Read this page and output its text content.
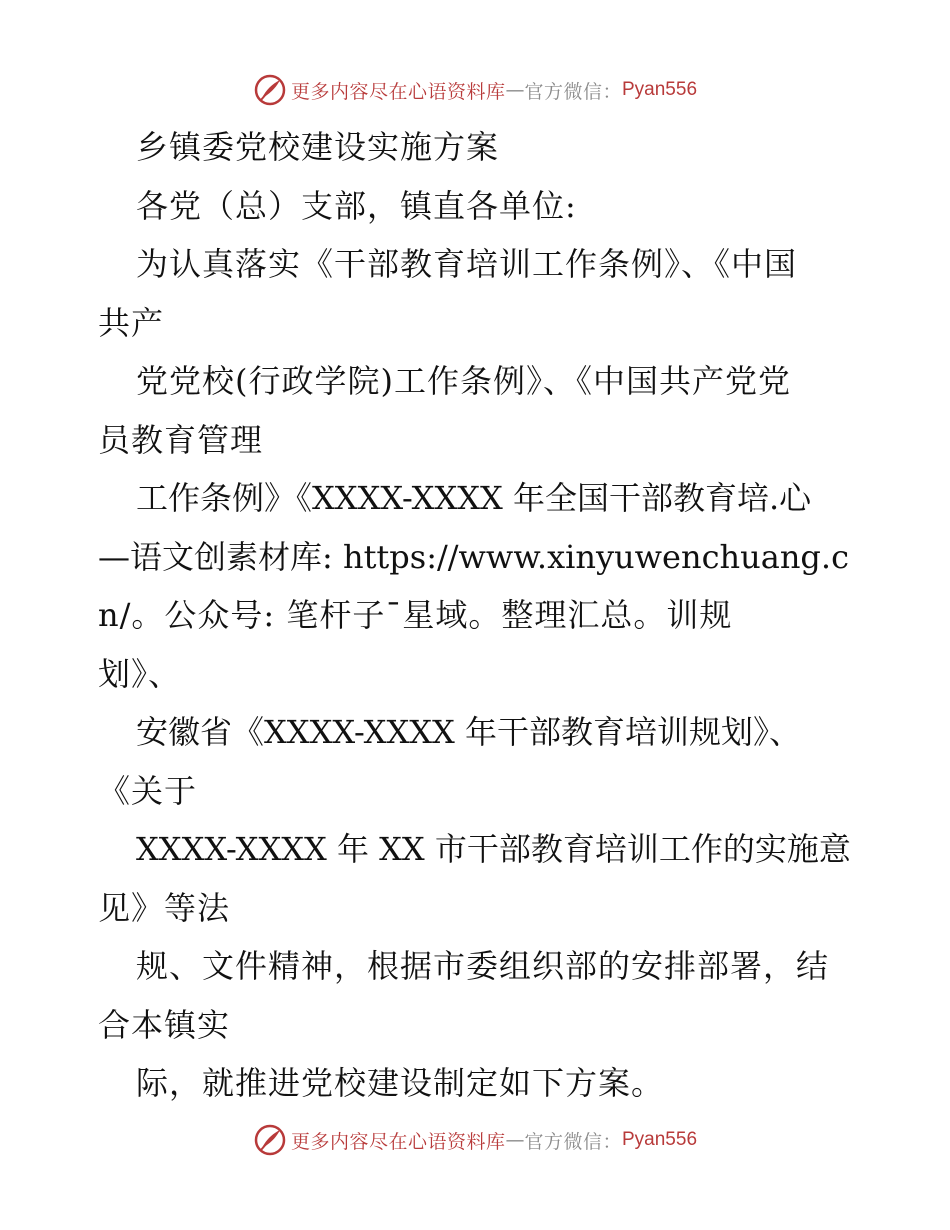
更多内容尽在心语资料库 — 官方微信： Pyan556
乡镇委党校建设实施方案
各党（总）支部，镇直各单位:
为认真落实《干部教育培训工作条例》、《中国
共产
党党校(行政学院)工作条例》、《中国共产党党
员教育管理
工作条例》《XXXX-XXXX 年全国干部教育培.心
—语文创素材库: https://www.xinyuwenchuang.c
n/。公众号: 笔杆子¯星域。整理汇总。训规
划》、
安徽省《XXXX-XXXX 年干部教育培训规划》、
《关于
XXXX-XXXX 年 XX 市干部教育培训工作的实施意
见》等法
规、文件精神，根据市委组织部的安排部署，结
合本镇实
际，就推进党校建设制定如下方案。
更多内容尽在心语资料库 — 官方微信： Pyan556
